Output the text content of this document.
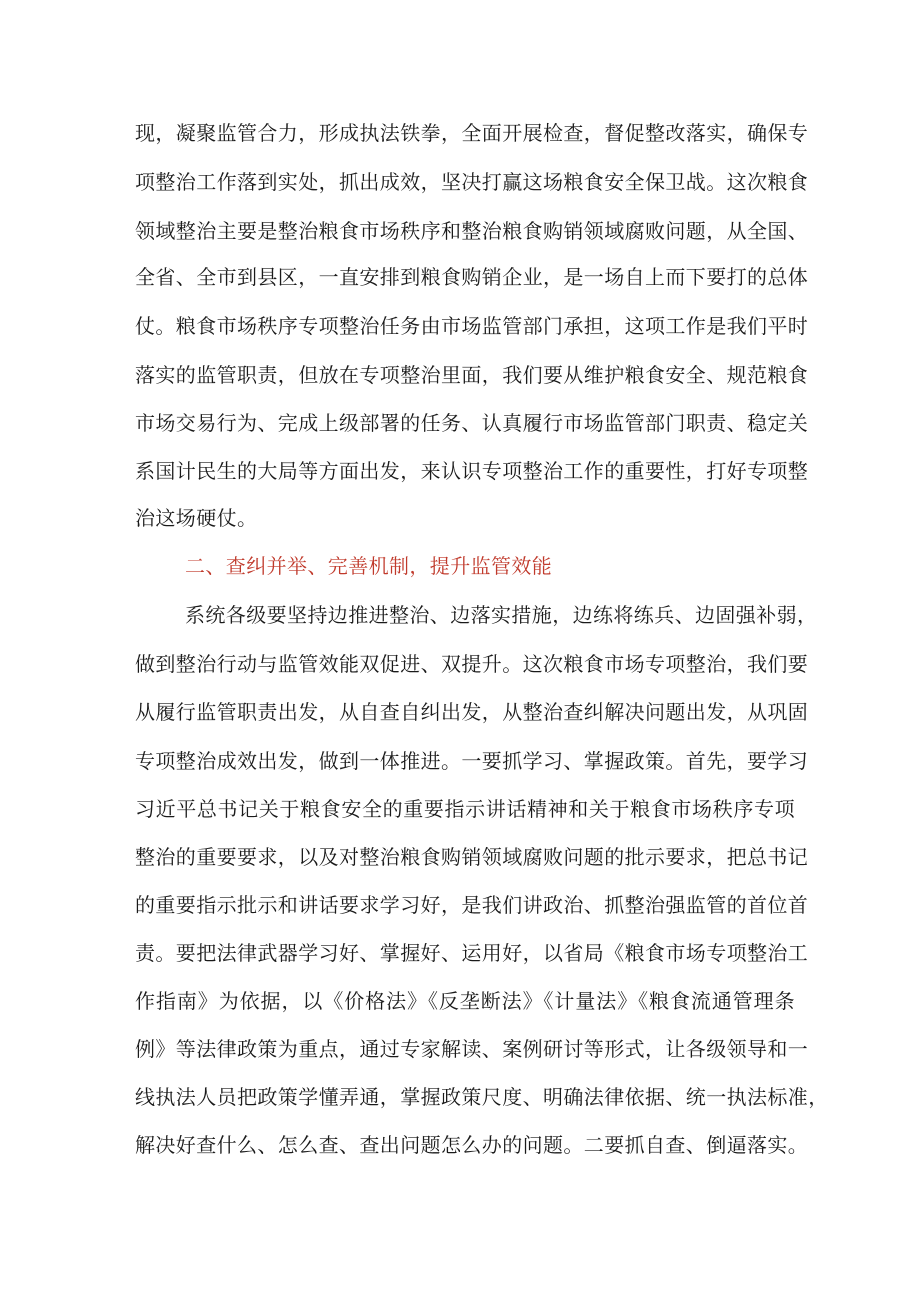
现，凝聚监管合力，形成执法铁拳，全面开展检查，督促整改落实，确保专
项整治工作落到实处，抓出成效，坚决打赢这场粮食安全保卫战。这次粮食
领域整治主要是整治粮食市场秩序和整治粮食购销领域腐败问题，从全国、
全省、全市到县区，一直安排到粮食购销企业，是一场自上而下要打的总体
仗。粮食市场秩序专项整治任务由市场监管部门承担，这项工作是我们平时
落实的监管职责，但放在专项整治里面，我们要从维护粮食安全、规范粮食
市场交易行为、完成上级部署的任务、认真履行市场监管部门职责、稳定关
系国计民生的大局等方面出发，来认识专项整治工作的重要性，打好专项整
治这场硬仗。
二、查纠并举、完善机制，提升监管效能
系统各级要坚持边推进整治、边落实措施，边练将练兵、边固强补弱，
做到整治行动与监管效能双促进、双提升。这次粮食市场专项整治，我们要
从履行监管职责出发，从自查自纠出发，从整治查纠解决问题出发，从巩固
专项整治成效出发，做到一体推进。一要抓学习、掌握政策。首先，要学习
习近平总书记关于粮食安全的重要指示讲话精神和关于粮食市场秩序专项
整治的重要要求，以及对整治粮食购销领域腐败问题的批示要求，把总书记
的重要指示批示和讲话要求学习好，是我们讲政治、抓整治强监管的首位首
责。要把法律武器学习好、掌握好、运用好，以省局《粮食市场专项整治工
作指南》为依据，以《价格法》《反垄断法》《计量法》《粮食流通管理条
例》等法律政策为重点，通过专家解读、案例研讨等形式，让各级领导和一
线执法人员把政策学懂弄通，掌握政策尺度、明确法律依据、统一执法标准，
解决好查什么、怎么查、查出问题怎么办的问题。二要抓自查、倒逼落实。
